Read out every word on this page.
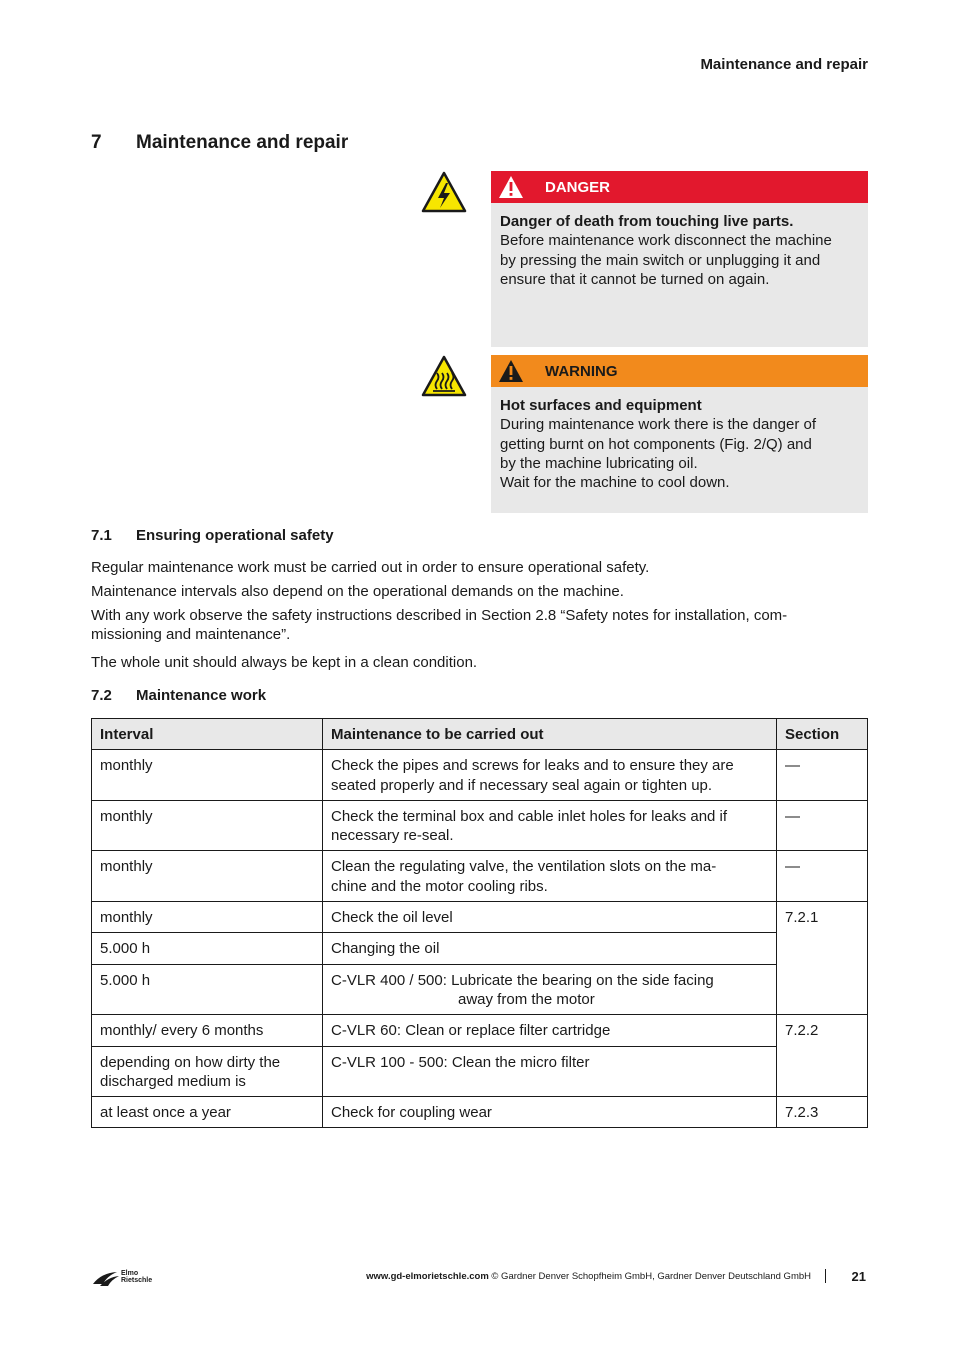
Maintenance and repair
7 Maintenance and repair
DANGER
Danger of death from touching live parts.
Before maintenance work disconnect the machine
by pressing the main switch or unplugging it and
ensure that it cannot be turned on again.
WARNING
Hot surfaces and equipment
During maintenance work there is the danger of
getting burnt on hot components (Fig. 2/Q) and
by the machine lubricating oil.
Wait for the machine to cool down.
7.1 Ensuring operational safety
Regular maintenance work must be carried out in order to ensure operational safety.
Maintenance intervals also depend on the operational demands on the machine.
With any work observe the safety instructions described in Section 2.8 “Safety notes for installation, com-
missioning and maintenance”.
The whole unit should always be kept in a clean condition.
7.2 Maintenance work
Interval	Maintenance to be carried out	Section
monthly	Check the pipes and screws for leaks and to ensure they are
seated properly and if necessary seal again or tighten up.	—
monthly	Check the terminal box and cable inlet holes for leaks and if
necessary re-seal.	—
monthly	Clean the regulating valve, the ventilation slots on the ma-
chine and the motor cooling ribs.	—
monthly	Check the oil level	7.2.1
5.000 h	Changing the oil	
5.000 h	C-VLR 400 / 500: Lubricate the bearing on the side facing
away from the motor	

monthly/ every 6 months	C-VLR 60: Clean or replace filter cartridge	7.2.2

depending on how dirty the
discharged medium is	C-VLR 100 - 500: Clean the micro filter	
at least once a year	Check for coupling wear	7.2.3
Elmo
Rietschle	www.gd-elmorietschle.com © Gardner Denver Schopfheim GmbH, Gardner Denver Deutschland GmbH	21
